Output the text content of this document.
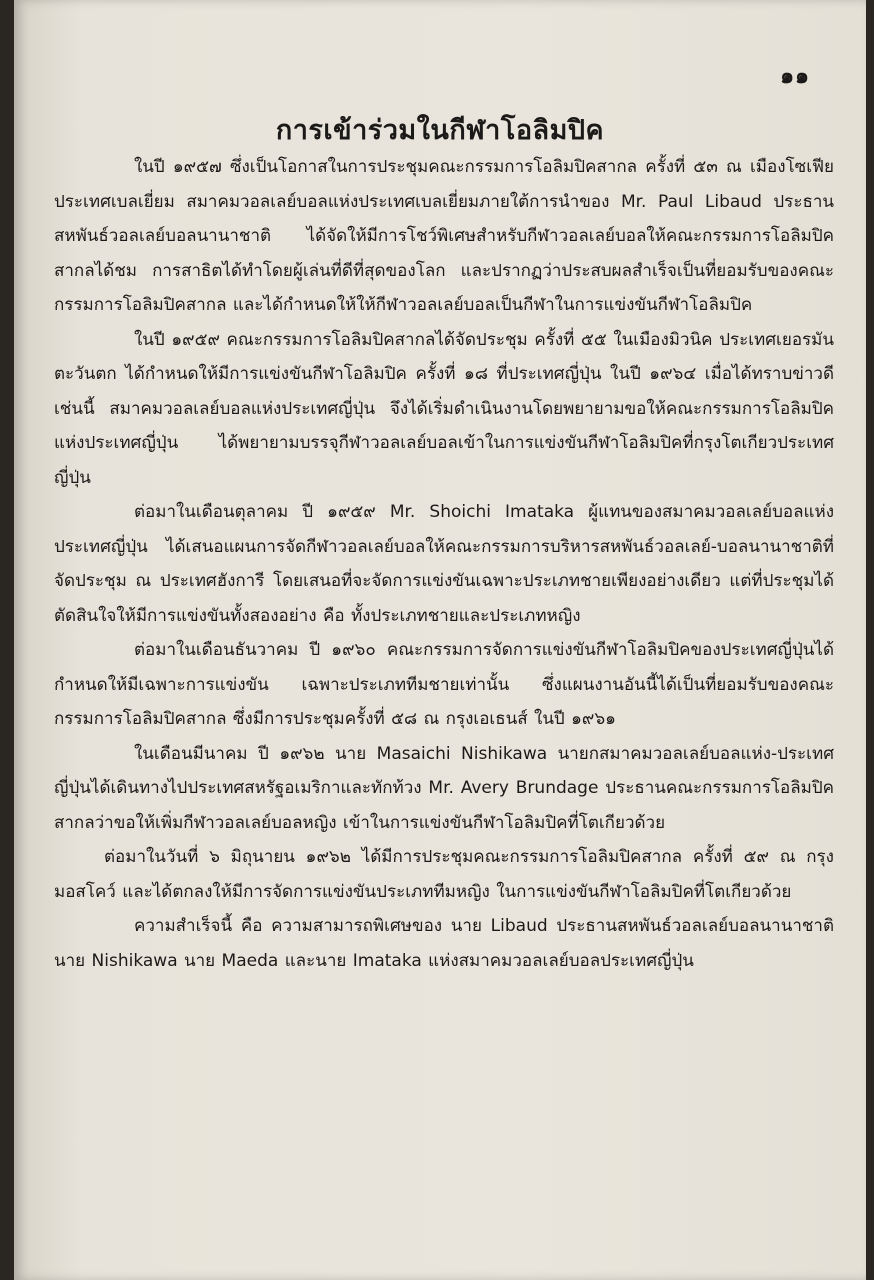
๑๑
การเข้าร่วมในกีฬาโอลิมปิค

ในปี ๑๙๕๗ ซึ่งเป็นโอกาสในการประชุมคณะกรรมการโอลิมปิคสากล ครั้งที่ ๕๓ ณ เมืองโซเฟีย ประเทศเบลเยี่ยม สมาคมวอลเลย์บอลแห่งประเทศเบลเยี่ยมภายใต้การนำของ Mr. Paul Libaud ประธานสหพันธ์วอลเลย์บอลนานาชาติ ได้จัดให้มีการโชว์พิเศษสำหรับกีฬาวอลเลย์บอลให้คณะกรรมการโอลิมปิคสากลได้ชม การสาธิตได้ทำโดยผู้เล่นที่ดีที่สุดของโลก และปรากฏว่าประสบผลสำเร็จเป็นที่ยอมรับของคณะกรรมการโอลิมปิคสากล และได้กำหนดให้ให้กีฬาวอลเลย์บอลเป็นกีฬาในการแข่งขันกีฬาโอลิมปิค

ในปี ๑๙๕๙ คณะกรรมการโอลิมปิคสากลได้จัดประชุม ครั้งที่ ๕๕ ในเมืองมิวนิค ประเทศเยอรมันตะวันตก ได้กำหนดให้มีการแข่งขันกีฬาโอลิมปิค ครั้งที่ ๑๘ ที่ประเทศญี่ปุ่น ในปี ๑๙๖๔ เมื่อได้ทราบข่าวดีเช่นนี้ สมาคมวอลเลย์บอลแห่งประเทศญี่ปุ่น จึงได้เริ่มดำเนินงานโดยพยายามขอให้คณะกรรมการโอลิมปิคแห่งประเทศญี่ปุ่น ได้พยายามบรรจุกีฬาวอลเลย์บอลเข้าในการแข่งขันกีฬาโอลิมปิคที่กรุงโตเกียวประเทศญี่ปุ่น

ต่อมาในเดือนตุลาคม ปี ๑๙๕๙ Mr. Shoichi Imataka ผู้แทนของสมาคมวอลเลย์บอลแห่งประเทศญี่ปุ่น ได้เสนอแผนการจัดกีฬาวอลเลย์บอลให้คณะกรรมการบริหารสหพันธ์วอลเลย์-บอลนานาชาติที่จัดประชุม ณ ประเทศฮังการี โดยเสนอที่จะจัดการแข่งขันเฉพาะประเภทชายเพียงอย่างเดียว แต่ที่ประชุมได้ตัดสินใจให้มีการแข่งขันทั้งสองอย่าง คือ ทั้งประเภทชายและประเภทหญิง

ต่อมาในเดือนธันวาคม ปี ๑๙๖๐ คณะกรรมการจัดการแข่งขันกีฬาโอลิมปิคของประเทศญี่ปุ่นได้กำหนดให้มีเฉพาะการแข่งขัน เฉพาะประเภททีมชายเท่านั้น ซึ่งแผนงานอันนี้ได้เป็นที่ยอมรับของคณะกรรมการโอลิมปิคสากล ซึ่งมีการประชุมครั้งที่ ๕๘ ณ กรุงเอเธนส์ ในปี ๑๙๖๑

ในเดือนมีนาคม ปี ๑๙๖๒ นาย Masaichi Nishikawa นายกสมาคมวอลเลย์บอลแห่ง-ประเทศญี่ปุ่นได้เดินทางไปประเทศสหรัฐอเมริกาและทักท้วง Mr. Avery Brundage ประธานคณะกรรมการโอลิมปิคสากลว่าขอให้เพิ่มกีฬาวอลเลย์บอลหญิง เข้าในการแข่งขันกีฬาโอลิมปิคที่โตเกียวด้วย

ต่อมาในวันที่ ๖ มิถุนายน ๑๙๖๒ ได้มีการประชุมคณะกรรมการโอลิมปิคสากล ครั้งที่ ๕๙ ณ กรุงมอสโคว์ และได้ตกลงให้มีการจัดการแข่งขันประเภททีมหญิง ในการแข่งขันกีฬาโอลิมปิคที่โตเกียวด้วย

ความสำเร็จนี้ คือ ความสามารถพิเศษของ นาย Libaud ประธานสหพันธ์วอลเลย์บอลนานาชาติ นาย Nishikawa นาย Maeda และนาย Imataka แห่งสมาคมวอลเลย์บอลประเทศญี่ปุ่น
